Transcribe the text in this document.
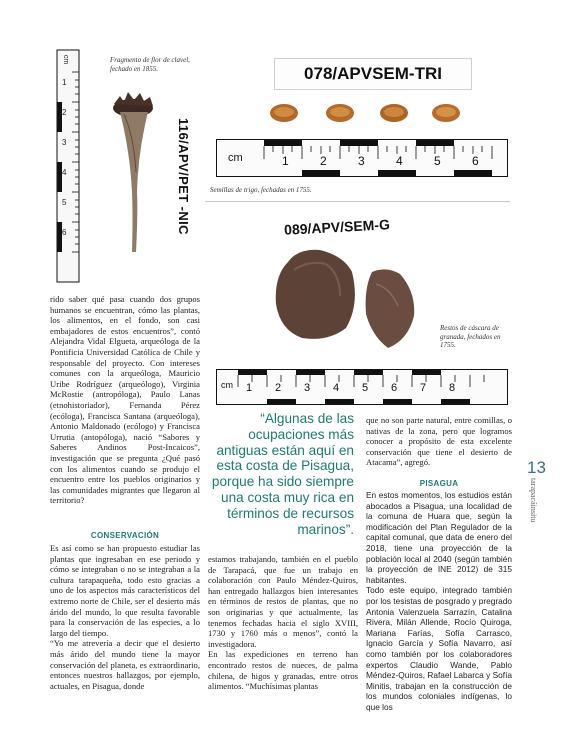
Fragmento de flor de clavel, fechado en 1855.
116/APV/PET -NIC
cm
1
2
3
4
5
6
078/APVSEM-TRI
cm	1	2	3	4	5	6
Semillas de trigo, fechadas en 1755.
089/APV/SEM-G
Restos de cáscara de granada, fechados en 1755.
cm 1 2 3 4 5 6 7 8

rido saber qué pasa cuando dos grupos humanos se encuentran, cómo las plantas, los alimentos, en el fondo, son casi embajadores de estos encuentros”, contó Alejandra Vidal Elgueta, arqueóloga de la Pontificia Universidad Católica de Chile y responsable del proyecto. Con intereses comunes con la arqueóloga, Mauricio Uribe Rodríguez (arqueólogo), Virginia McRostie (antropóloga), Paulo Lanas (etnohistoriador), Fernanda Pérez (ecóloga), Francisca Santana (arqueóloga), Antonio Maldonado (ecólogo) y Francisca Urrutia (antopóloga), nació “Sabores y Saberes Andinos Post-Incaicos”, investigación que se pregunta ¿Qué pasó con los alimentos cuando se produjo el encuentro entre los pueblos originarios y las comunidades migrantes que llegaron al territorio?

CONSERVACIÓN

Es así como se han propuesto estudiar las plantas que ingresaban en ese periodo y cómo se integraban o no se integraban a la cultura tarapaqueña, todo esto gracias a uno de los aspectos más característicos del extremo norte de Chile, ser el desierto más árido del mundo, lo que resulta favorable para la conservación de las especies, a lo largo del tiempo.

“Yo me atrevería a decir que el desierto más árido del mundo tiene la mayor conservación del planeta, es extraordinario, entonces nuestros hallazgos, por ejemplo, actuales, en Pisagua, donde

“Algunas de las ocupaciones más antiguas están aquí en esta costa de Pisagua, porque ha sido siempre una costa muy rica en términos de recursos marinos”.

estamos trabajando, también en el pueblo de Tarapacá, que fue un trabajo en colaboración con Paulo Méndez-Quiros, han entregado hallazgos bien interesantes en términos de restos de plantas, que no son originarias y que actualmente, las tenemos fechadas hacia el siglo XVIII, 1730 y 1760 más o menos”, contó la investigadora.

En las expediciones en terreno han encontrado restos de nueces, de palma chilena, de higos y granadas, entre otros alimentos. “Muchísimas plantas

que no son parte natural, entre comillas, o nativas de la zona, pero que logramos conocer a propósito de esta excelente conservación que tiene el desierto de Atacama”, agregó.

PISAGUA

En estos momentos, los estudios están abocados a Pisagua, una localidad de la comuna de Huara que, según la modificación del Plan Regulador de la capital comunal, que data de enero del 2018, tiene una proyección de la población local al 2040 (según también la proyección de INE 2012) de 315 habitantes.

Todo este equipo, integrado también por los tesistas de posgrado y pregrado Antonia Valenzuela Sarrazín, Catalina Rivera, Milán Allende, Rocío Quiroga, Mariana Farías, Sofía Carrasco, Ignacio García y Sofía Navarro, así como también por los colaboradores expertos Claudio Wande, Pablo Méndez-Quiros, Rafael Labarca y Sofía Minitis, trabajan en la construcción de los mundos coloniales indígenas, lo que los

13
tarapacáinsitu
